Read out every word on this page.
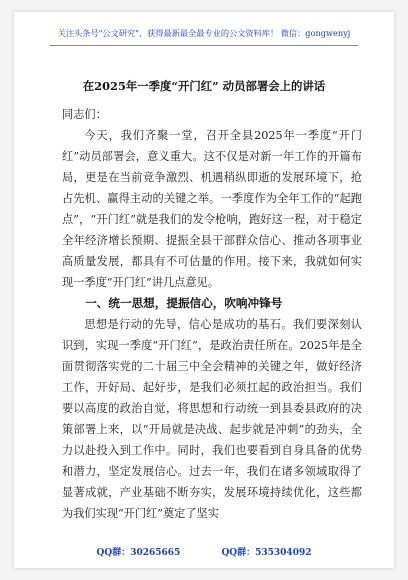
关注头条号"公文研究"，获得最新最全最专业的公文资料库！ 微信：gongwenyj
在2025年一季度“开门红” 动员部署会上的讲话

同志们：

今天，我们齐聚一堂，召开全县2025年一季度“开门红”动员部署会，意义重大。这不仅是对新一年工作的开篇布局，更是在当前竞争激烈、机遇稍纵即逝的发展环境下，抢占先机、赢得主动的关键之举。一季度作为全年工作的“起跑点”，“开门红”就是我们的发令枪响，跑好这一程，对于稳定全年经济增长预期、提振全县干部群众信心、推动各项事业高质量发展，都具有不可估量的作用。接下来，我就如何实现一季度“开门红”讲几点意见。

一、统一思想，提振信心，吹响冲锋号

思想是行动的先导，信心是成功的基石。我们要深刻认识到，实现一季度“开门红”，是政治责任所在。2025年是全面贯彻落实党的二十届三中全会精神的关键之年，做好经济工作，开好局、起好步，是我们必须扛起的政治担当。我们要以高度的政治自觉，将思想和行动统一到县委县政府的决策部署上来，以“开局就是决战、起步就是冲刺”的劲头，全力以赴投入到工作中。同时，我们也要看到自身具备的优势和潜力，坚定发展信心。过去一年，我们在诸多领域取得了显著成就，产业基础不断夯实，发展环境持续优化，这些都为我们实现“开门红”奠定了坚实

QQ群：30265665	QQ群：535304092
